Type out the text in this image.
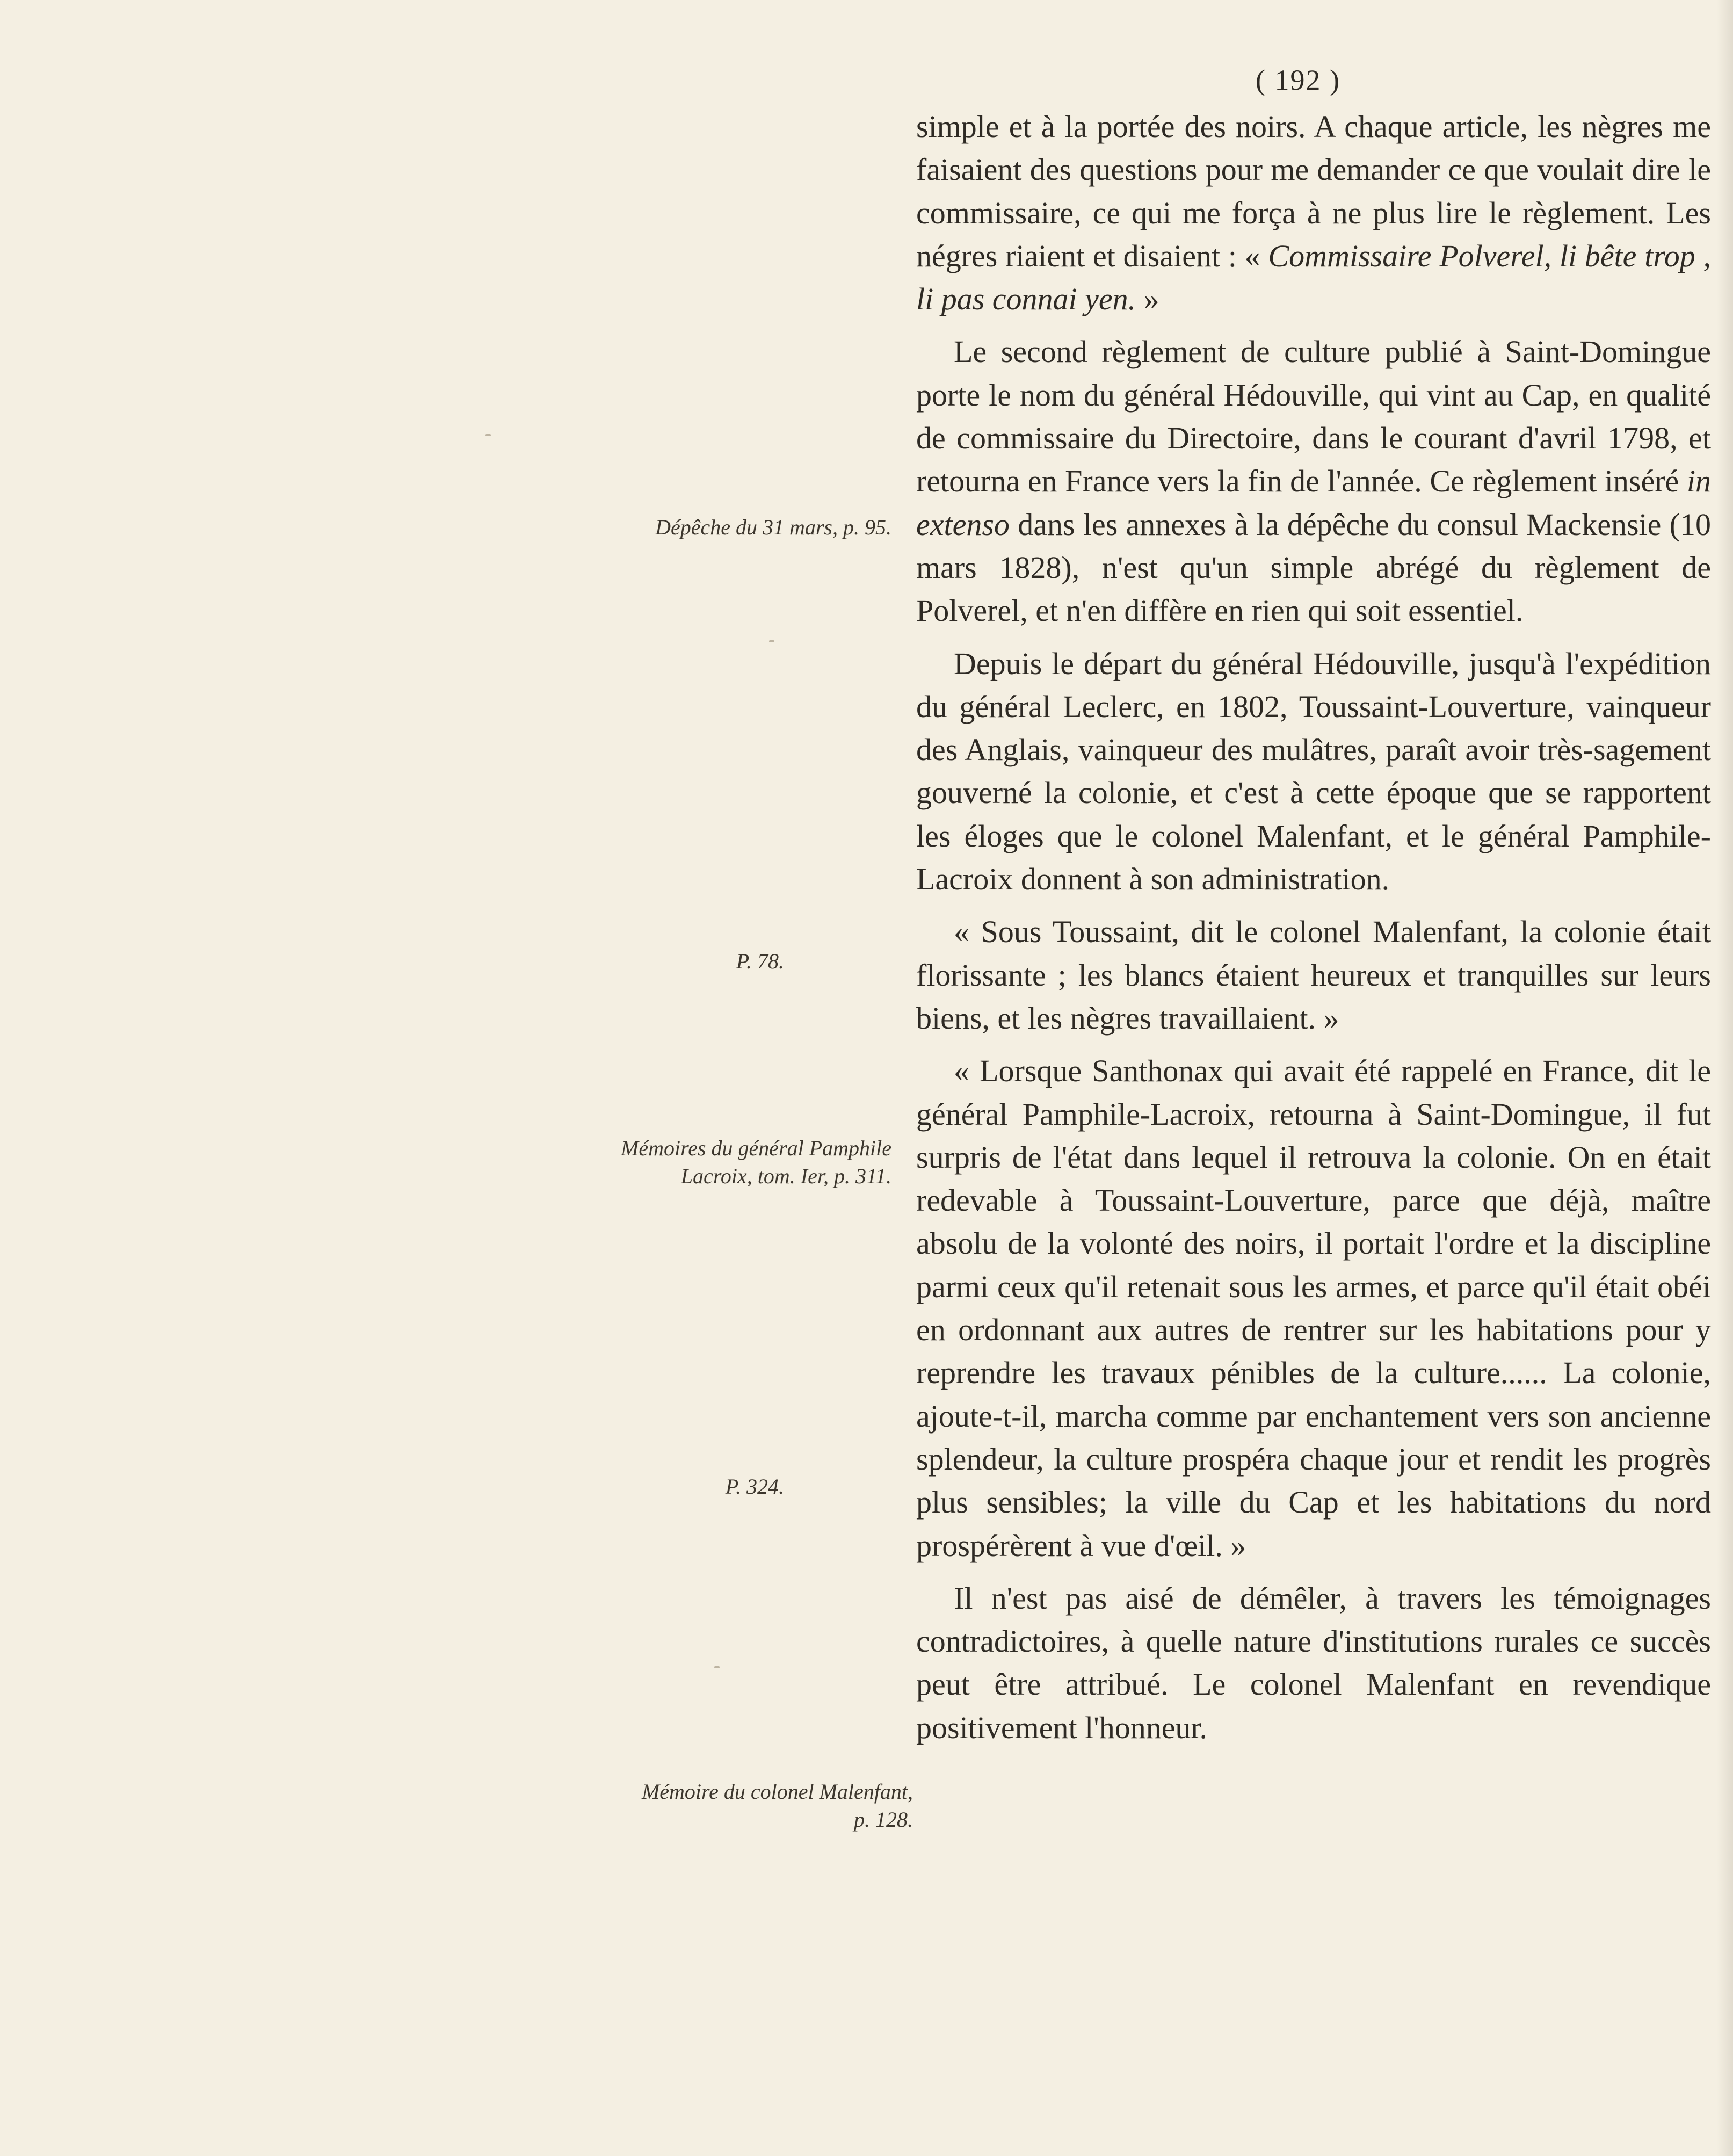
( 192 )

simple et à la portée des noirs. A chaque article, les nègres me faisaient des questions pour me demander ce que voulait dire le commissaire, ce qui me força à ne plus lire le règlement. Les négres riaient et disaient : « Commissaire Polverel, li bête trop , li pas connai yen. »

Le second règlement de culture publié à Saint-Domingue porte le nom du général Hédouville, qui vint au Cap, en qualité de commissaire du Directoire, dans le courant d'avril 1798, et retourna en France vers la fin de l'année. Ce règlement inséré in extenso dans les annexes à la dépêche du consul Mackensie (10 mars 1828), n'est qu'un simple abrégé du règlement de Polverel, et n'en diffère en rien qui soit essentiel.

Depuis le départ du général Hédouville, jusqu'à l'expédition du général Leclerc, en 1802, Toussaint-Louverture, vainqueur des Anglais, vainqueur des mulâtres, paraît avoir très-sagement gouverné la colonie, et c'est à cette époque que se rapportent les éloges que le colonel Malenfant, et le général Pamphile-Lacroix donnent à son administration.

« Sous Toussaint, dit le colonel Malenfant, la colonie était florissante ; les blancs étaient heureux et tranquilles sur leurs biens, et les nègres travaillaient. »

« Lorsque Santhonax qui avait été rappelé en France, dit le général Pamphile-Lacroix, retourna à Saint-Domingue, il fut surpris de l'état dans lequel il retrouva la colonie. On en était redevable à Toussaint-Louverture, parce que déjà, maître absolu de la volonté des noirs, il portait l'ordre et la discipline parmi ceux qu'il retenait sous les armes, et parce qu'il était obéi en ordonnant aux autres de rentrer sur les habitations pour y reprendre les travaux pénibles de la culture...... La colonie, ajoute-t-il, marcha comme par enchantement vers son ancienne splendeur, la culture prospéra chaque jour et rendit les progrès plus sensibles; la ville du Cap et les habitations du nord prospérèrent à vue d'œil. »

Il n'est pas aisé de démêler, à travers les témoignages contradictoires, à quelle nature d'institutions rurales ce succès peut être attribué. Le colonel Malenfant en revendique positivement l'honneur.

Dépêche du 31 mars, p. 95.
P. 78.
Mémoires du général Pamphile
Lacroix, tom. Ier, p. 311.
P. 324.
Mémoire du colonel Malenfant,
p. 128.
